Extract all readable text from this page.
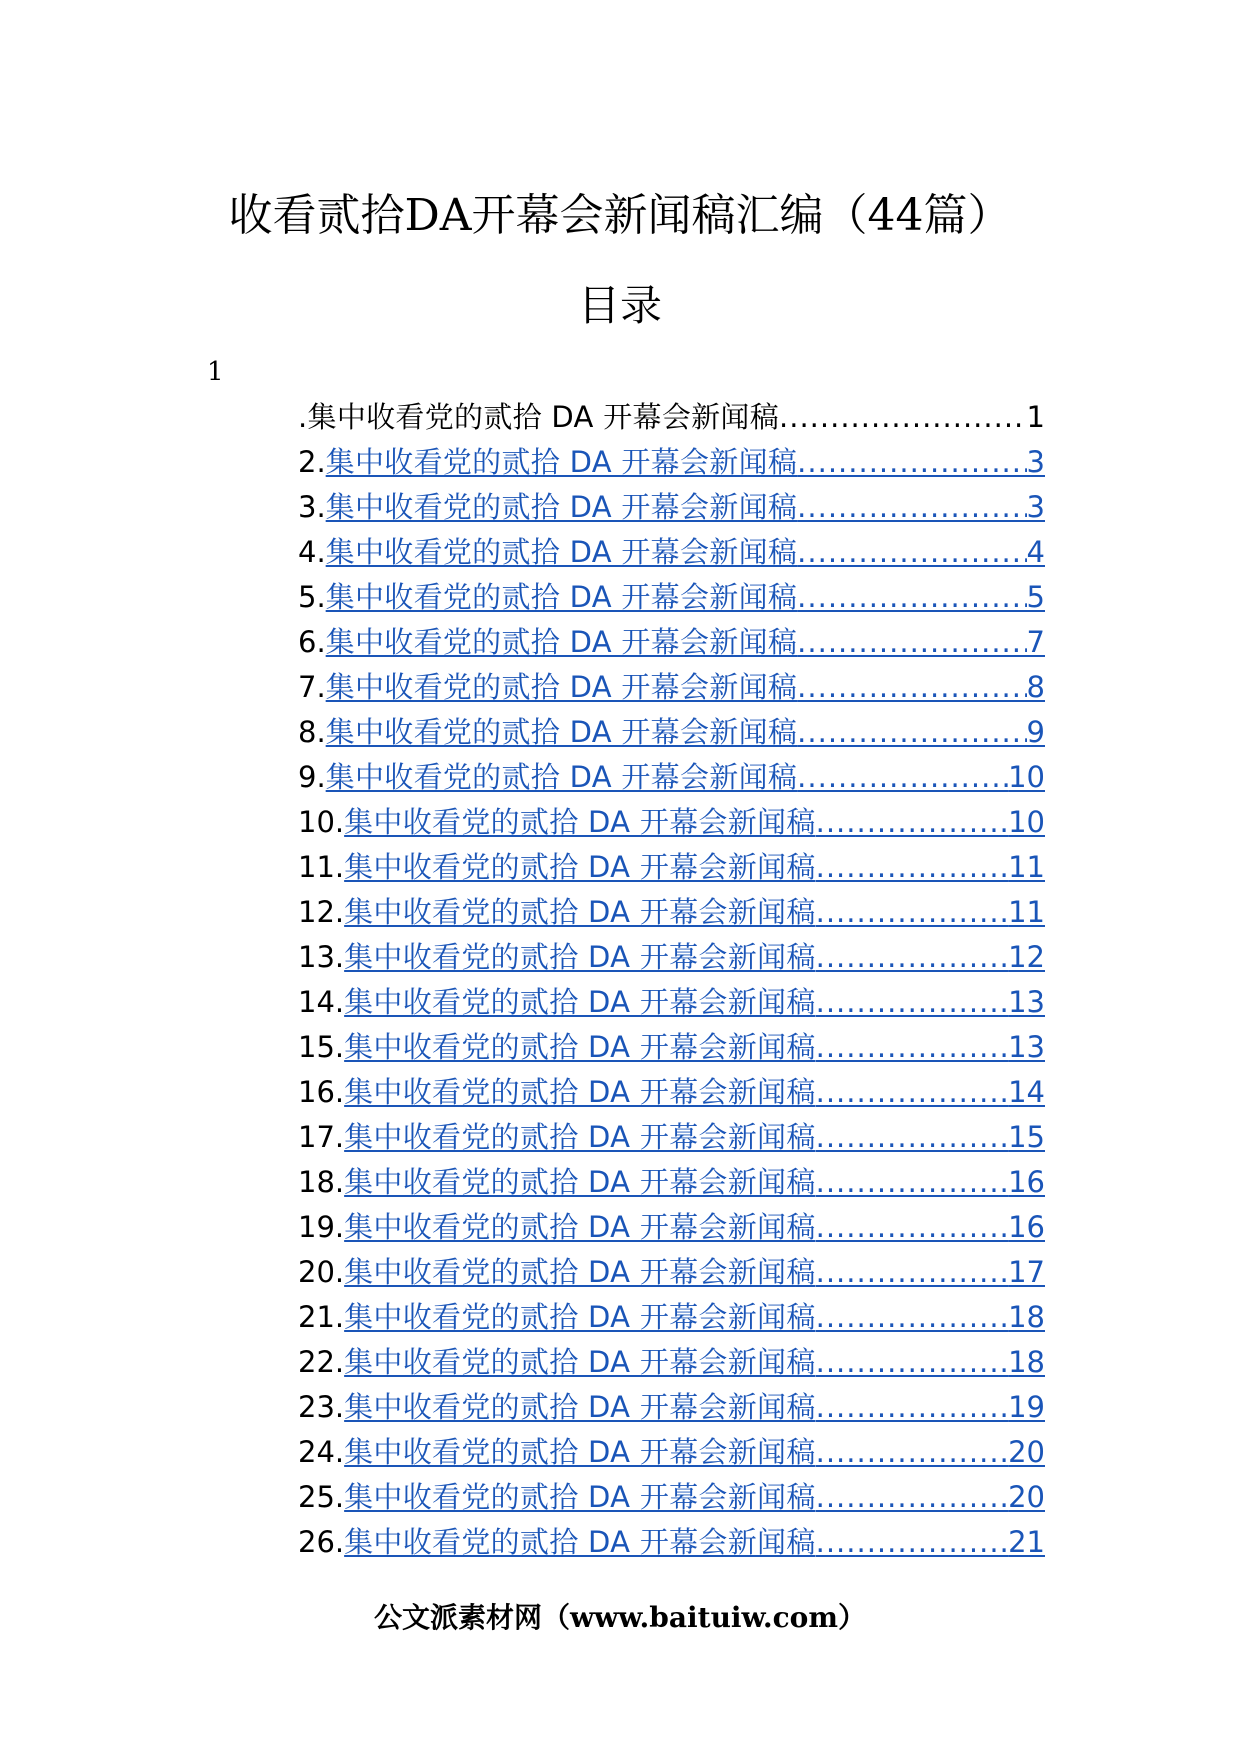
收看贰拾DA开幕会新闻稿汇编（44篇）
目录
1
.集中收看党的贰拾 DA 开幕会新闻稿 .....	1
2. 集中收看党的贰拾 DA 开幕会新闻稿 .....	3
3. 集中收看党的贰拾 DA 开幕会新闻稿 .....	3
4. 集中收看党的贰拾 DA 开幕会新闻稿 .....	4
5. 集中收看党的贰拾 DA 开幕会新闻稿 .....	5
6. 集中收看党的贰拾 DA 开幕会新闻稿 .....	7
7. 集中收看党的贰拾 DA 开幕会新闻稿 .....	8
8. 集中收看党的贰拾 DA 开幕会新闻稿 .....	9
9. 集中收看党的贰拾 DA 开幕会新闻稿 .....	10
10. 集中收看党的贰拾 DA 开幕会新闻稿 .....	10
11. 集中收看党的贰拾 DA 开幕会新闻稿 .....	11
12. 集中收看党的贰拾 DA 开幕会新闻稿 .....	11
13. 集中收看党的贰拾 DA 开幕会新闻稿 .....	12
14. 集中收看党的贰拾 DA 开幕会新闻稿 .....	13
15. 集中收看党的贰拾 DA 开幕会新闻稿 .....	13
16. 集中收看党的贰拾 DA 开幕会新闻稿 .....	14
17. 集中收看党的贰拾 DA 开幕会新闻稿 .....	15
18. 集中收看党的贰拾 DA 开幕会新闻稿 .....	16
19. 集中收看党的贰拾 DA 开幕会新闻稿 .....	16
20. 集中收看党的贰拾 DA 开幕会新闻稿 .....	17
21. 集中收看党的贰拾 DA 开幕会新闻稿 .....	18
22. 集中收看党的贰拾 DA 开幕会新闻稿 .....	18
23. 集中收看党的贰拾 DA 开幕会新闻稿 .....	19
24. 集中收看党的贰拾 DA 开幕会新闻稿 .....	20
25. 集中收看党的贰拾 DA 开幕会新闻稿 .....	20
26. 集中收看党的贰拾 DA 开幕会新闻稿 .....	21
公文派素材网（www.baituiw.com）
